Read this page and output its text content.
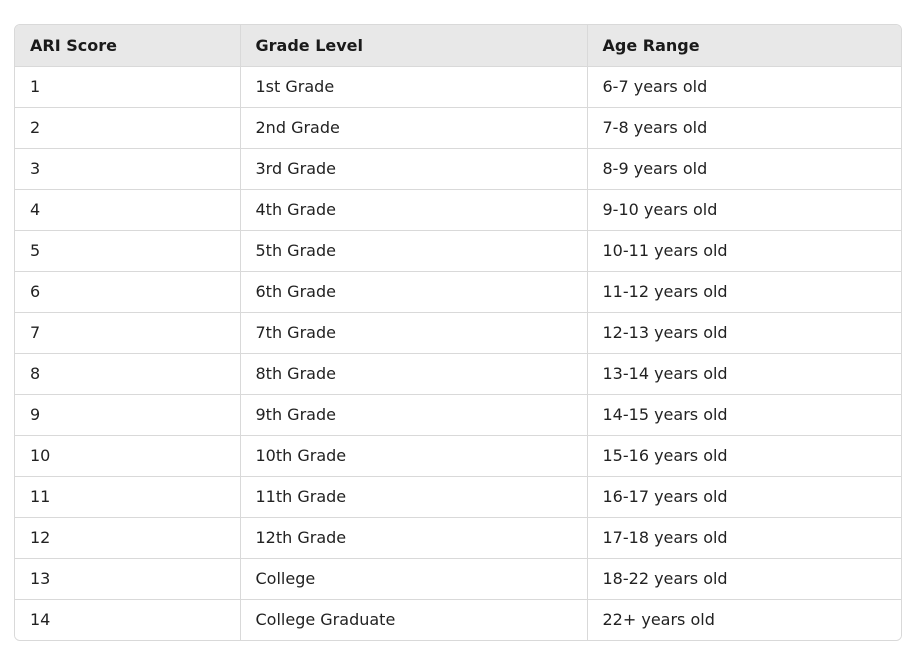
ARI Score	Grade Level	Age Range
1	1st Grade	6-7 years old
2	2nd Grade	7-8 years old
3	3rd Grade	8-9 years old
4	4th Grade	9-10 years old
5	5th Grade	10-11 years old
6	6th Grade	11-12 years old
7	7th Grade	12-13 years old
8	8th Grade	13-14 years old
9	9th Grade	14-15 years old
10	10th Grade	15-16 years old
11	11th Grade	16-17 years old
12	12th Grade	17-18 years old
13	College	18-22 years old
14	College Graduate	22+ years old
